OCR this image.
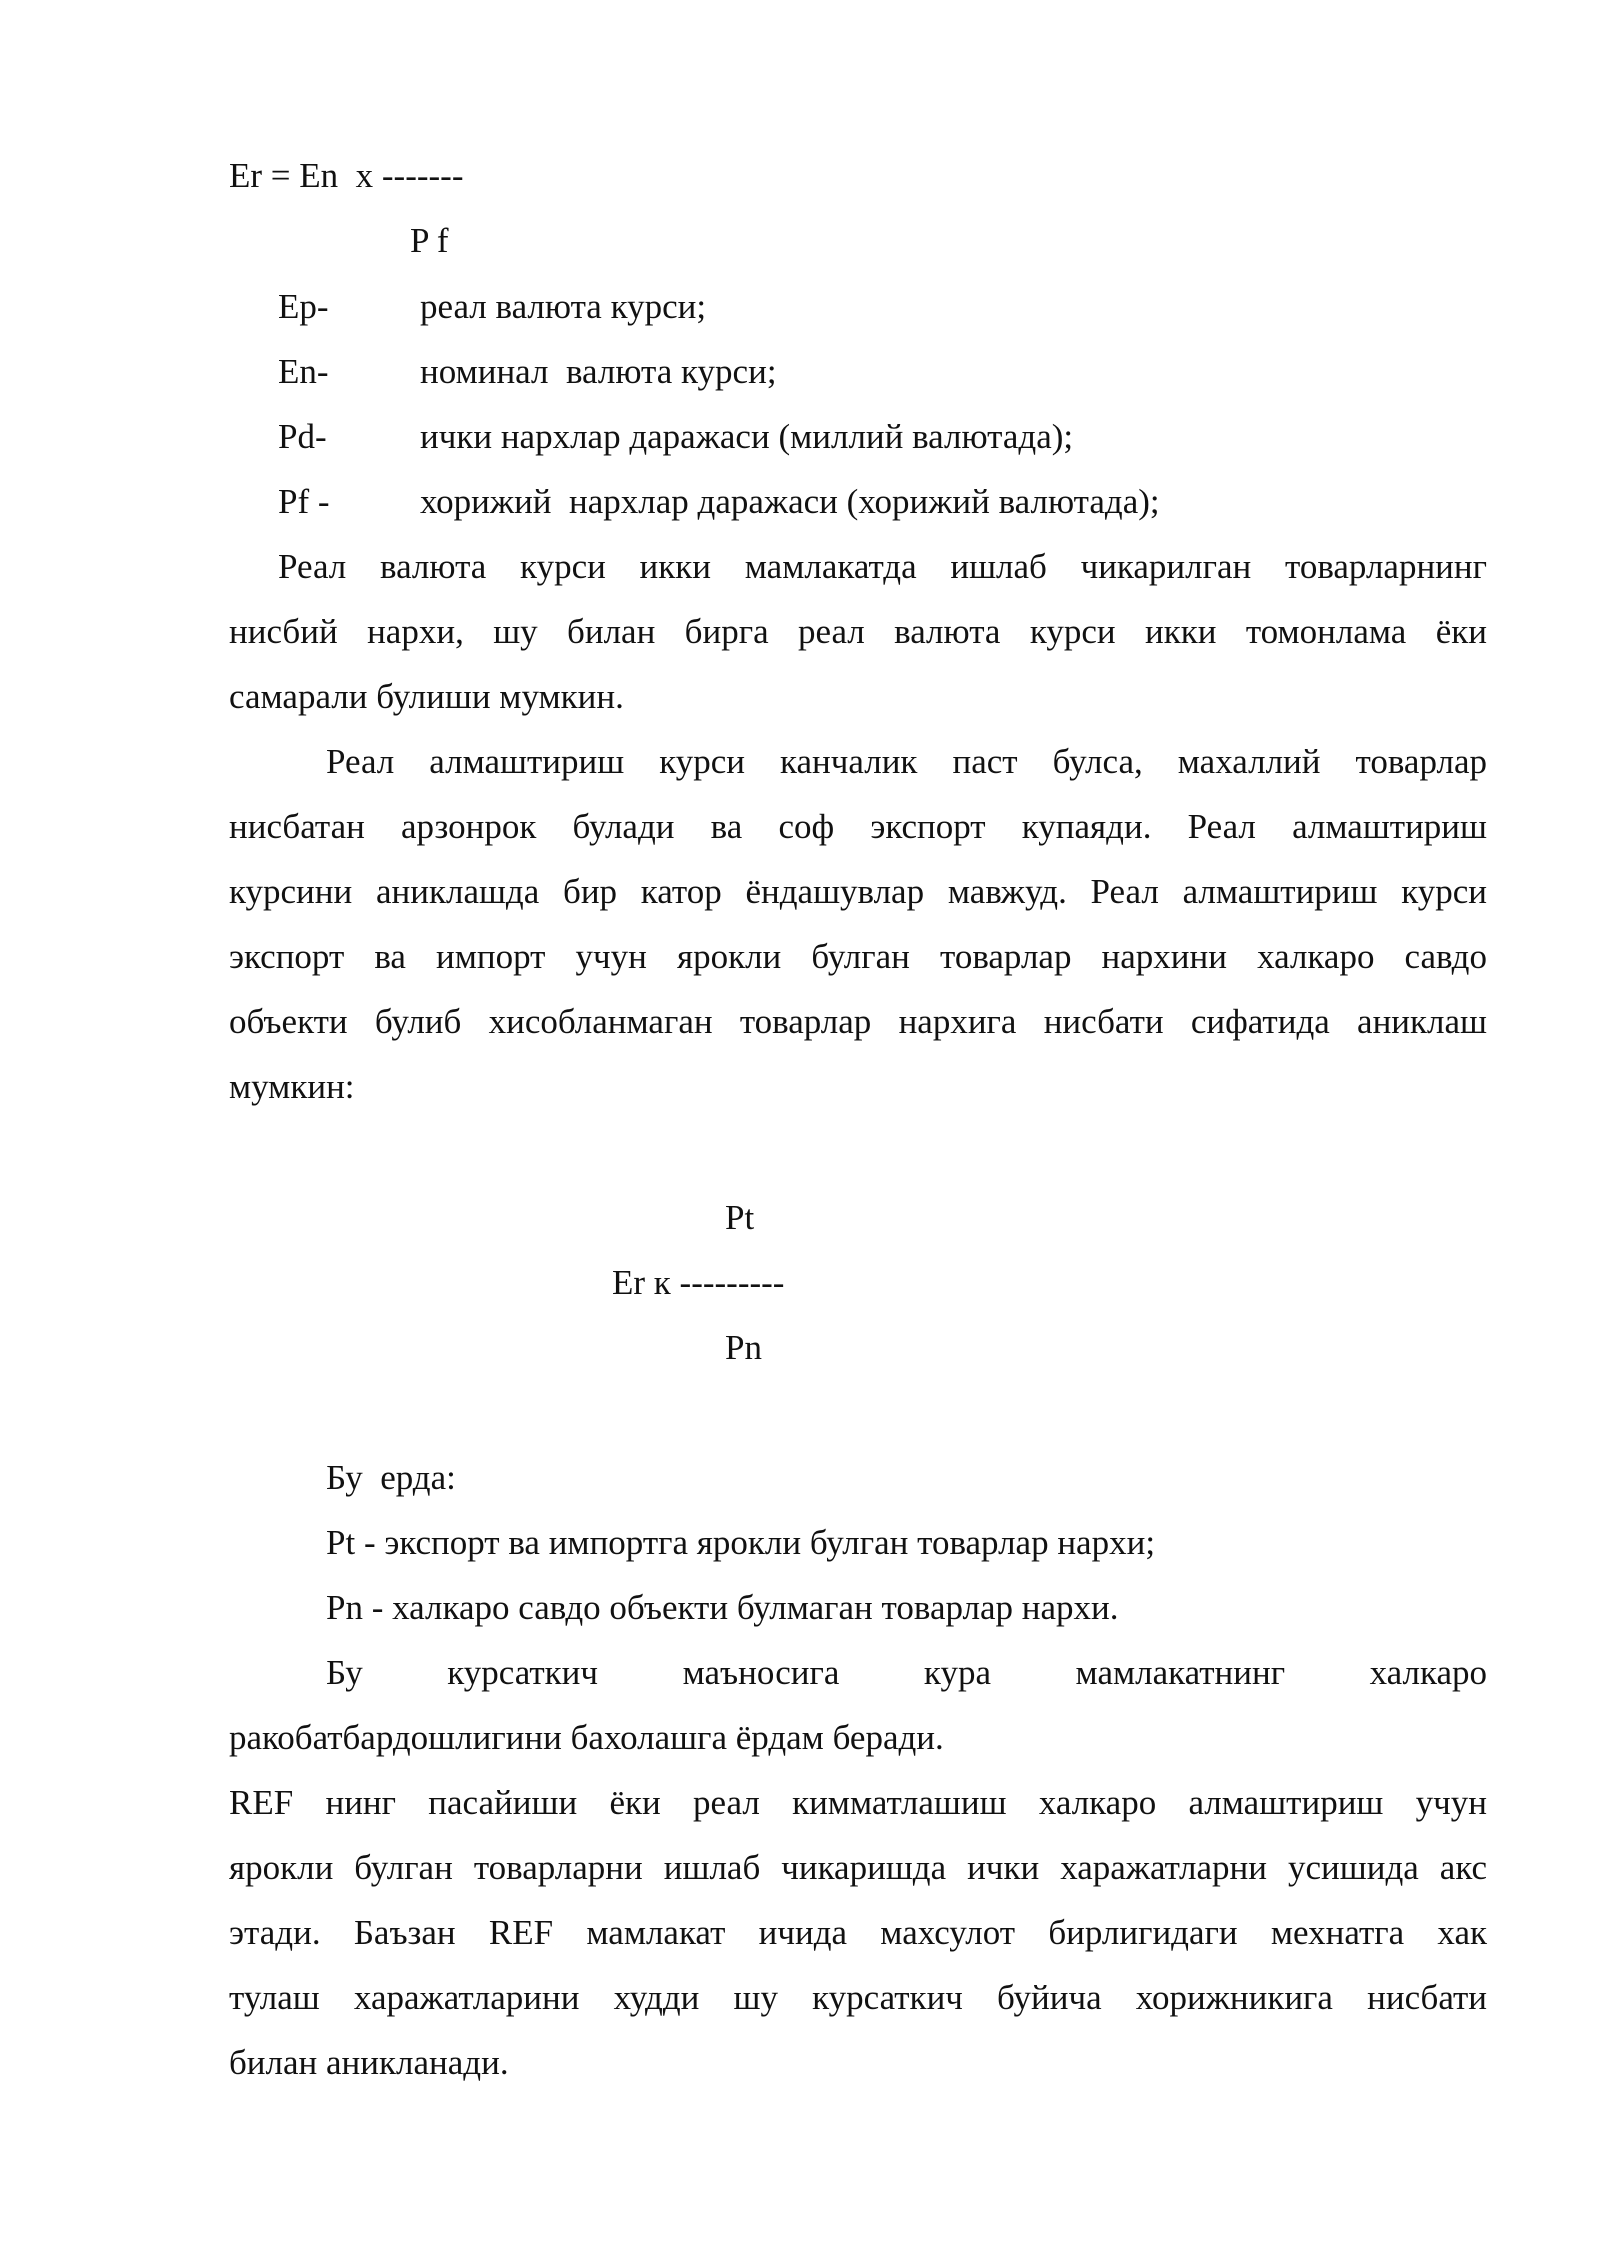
Er = En  x -------
P f
Ep-	реал валюта курси;
En-	номинал  валюта курси;
Pd-	ички нархлар даражаси (миллий валютада);
Pf -	хорижий  нархлар даражаси (хорижий валютада);
Реал валюта курси икки мамлакатда ишлаб чикарилган товарларнинг
нисбий нархи, шу билан бирга реал валюта курси икки томонлама ёки
самарали булиши мумкин.
Реал алмаштириш курси канчалик паст булса, махаллий товарлар
нисбатан арзонрок булади ва соф экспорт купаяди. Реал алмаштириш
курсини аниклашда бир катор ёндашувлар мавжуд. Реал алмаштириш курси
экспорт ва импорт учун ярокли булган товарлар нархини халкаро савдо
объекти булиб хисобланмаган товарлар нархига нисбати сифатида аниклаш
мумкин:
Pt
Er к ---------
Pn
Бу  ерда:
Pt - экспорт ва импортга ярокли булган товарлар нархи;
Pn - халкаро савдо объекти булмаган товарлар нархи.
Бу курсаткич маъносига кура мамлакатнинг халкаро
ракобатбардошлигини бахолашга ёрдам беради.
REF нинг пасайиши ёки реал кимматлашиш халкаро алмаштириш учун
ярокли булган товарларни ишлаб чикаришда ички харажатларни усишида акс
этади. Баъзан REF мамлакат ичида махсулот бирлигидаги мехнатга хак
тулаш харажатларини худди шу курсаткич буйича хорижникига нисбати
билан аникланади.
